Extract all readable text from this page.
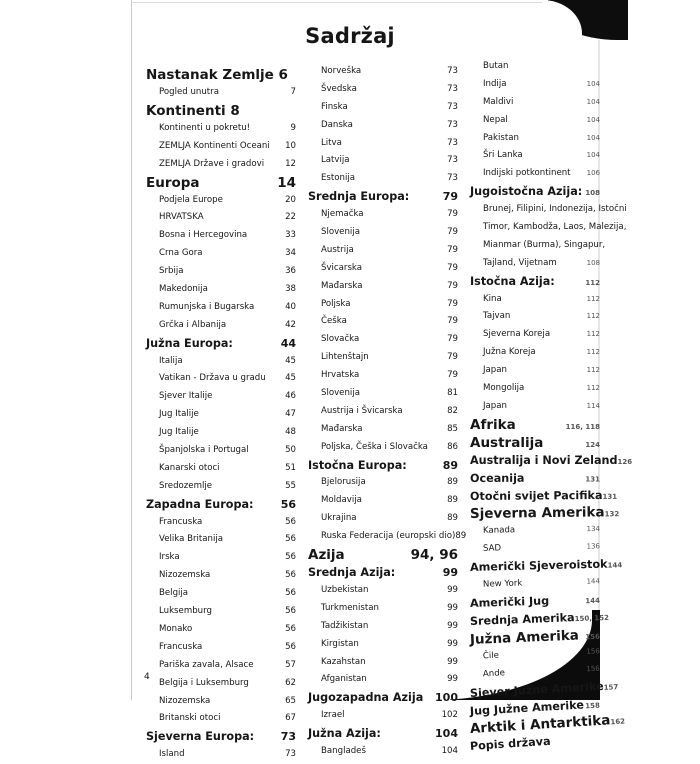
Sadržaj
Nastanak Zemlje 6
Pogled unutra	7
Kontinenti 8
Kontinenti u pokretu!	9
ZEMLJA Kontinenti Oceani 10
ZEMLJA Države i gradovi 12
Europa	14
Podjela Europe	20
HRVATSKA	22
Bosna i Hercegovina	33
Crna Gora	34
Srbija	36
Makedonija	38
Rumunjska i Bugarska	40
Grčka i Albanija	42
Južna Europa:	44
Italija	45
Vatikan - Država u gradu 45
Sjever Italije	46
Jug Italije	47
Jug Italije	48
Španjolska i Portugal	50
Kanarski otoci	51
Sredozemlje	55
Zapadna Europa: 56
Francuska	56
Velika Britanija	56
Irska	56
Nizozemska	56
Belgija	56
Luksemburg	56
Monako	56
Francuska	56
Pariška zavala, Alsace	57
Belgija i Luksemburg	62
Nizozemska	65
Britanski otoci	67
Sjeverna Europa: 73
Island	73
Norveška	73
Švedska	73
Finska	73
Danska	73
Litva	73
Latvija	73
Estonija	73
Srednja Europa:	79
Njemačka	79
Slovenija	79
Austrija	79
Švicarska	79
Mađarska	79
Poljska	79
Češka	79
Slovačka	79
Lihtenštajn	79
Hrvatska	79
Slovenija	81
Austrija i Švicarska	82
Mađarska	85
Poljska, Češka i Slovačka 86
Istočna Europa:	89
Bjelorusija	89
Moldavija	89
Ukrajina	89
Ruska Federacija (europski dio) 89
Azija	94, 96
Srednja Azija:	99
Uzbekistan	99
Turkmenistan	99
Tadžikistan	99
Kirgistan	99
Kazahstan	99
Afganistan	99
Jugozapadna Azija 100
Izrael	102
Južna Azija:	104
Bangladeš	104
Butan
Indija	104
Maldivi	104
Nepal	104
Pakistan	104
Šri Lanka	104
Indijski potkontinent 106
Jugoistočna Azija: 108
Brunej, Filipini, Indonezija, Istočni
Timor, Kambodža, Laos, Malezija,
Mianmar (Burma), Singapur,
Tajland, Vijetnam	108
Istočna Azija:	112
Kina	112
Tajvan	112
Sjeverna Koreja	112
Južna Koreja	112
Japan	112
Mongolija	112
Japan	114
Afrika	116, 118
Australija	124
Australija i Novi Zeland 126
Oceanija	131
Otočni svijet Pacifika 131
Sjeverna Amerika 132
Kanada	134
SAD	136
Američki Sjeveroistok 144
New York	144
Američki Jug	144
Srednja Amerika 150, 152
Južna Amerika 156
Čile	156
Ande	156
Sjever Južne Amerike 157
Jug Južne Amerike 158
Arktik i Antarktika 162
Popis država
4
